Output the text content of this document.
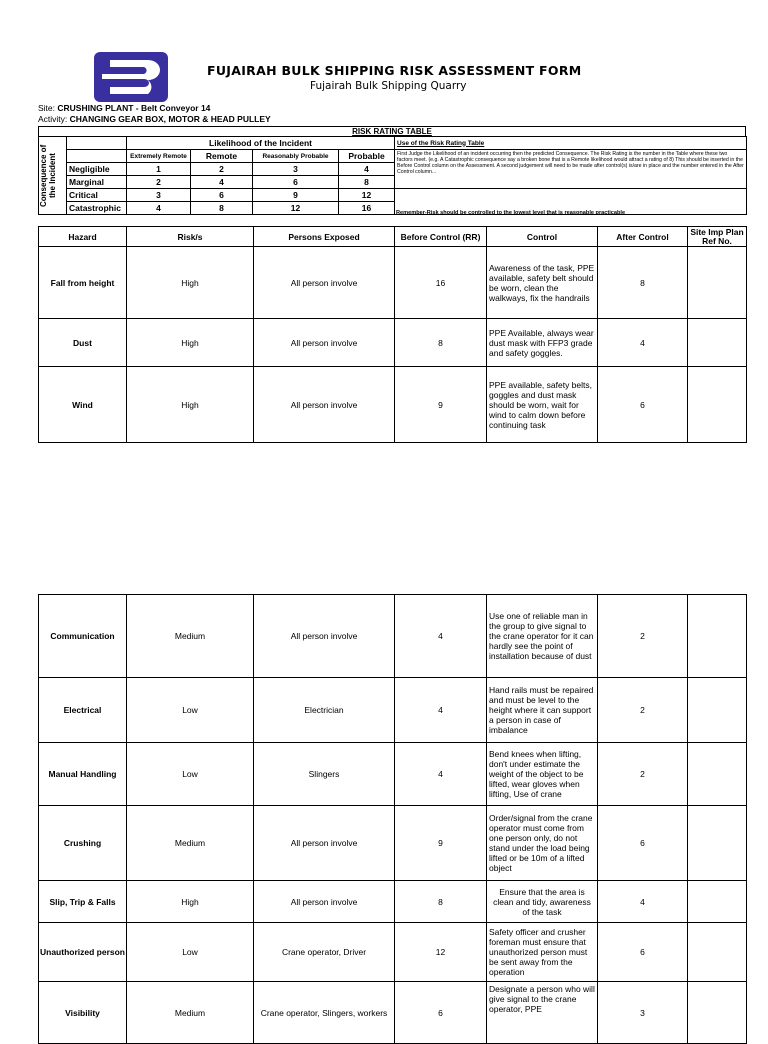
FUJAIRAH BULK SHIPPING RISK ASSESSMENT FORM
Fujairah Bulk Shipping Quarry
Site: CRUSHING PLANT - Belt Conveyor 14
Activity: CHANGING GEAR BOX, MOTOR & HEAD PULLEY
RISK RATING TABLE
Consequence of the Incident		Likelihood of the Incident				Use of the Risk Rating Table
		Extremely Remote	Remote	Reasonably Probable	Probable	First Judge the Likelihood of an incident occurring then the predicted Consequence. The Risk Rating is the number in the Table where these two factors meet. (e.g. A Catastrophic consequence say a broken bone that is a Remote likelihood would attract a rating of 8) This should be inserted in the Before Control column on the Assessment. A second judgement will need to be made after control(s) is/are in place and the number entered in the After Control column...
	Negligible	1	2	3	4	
	Marginal	2	4	6	8	
	Critical	3	6	9	12	
	Catastrophic	4	8	12	16		Remember-Risk should be controlled to the lowest level that is reasonable practicable
Hazard	Risk/s	Persons Exposed	Before Control (RR)	Control	After Control	Site Imp Plan Ref No.
Fall from height	High	All person involve	16	Awareness of the task, PPE available, safety belt should be worn, clean the walkways, fix the handrails	8	
Dust	High	All person involve	8	PPE Available, always wear dust mask with FFP3 grade and safety goggles.	4	
Wind	High	All person involve	9	PPE available, safety belts, goggles and dust mask should be worn, wait for wind to calm down before continuing task	6	
Communication	Medium	All person involve	4	Use one of reliable man in the group to give signal to the crane operator for it can hardly see the point of installation because of dust	2	
Electrical	Low	Electrician	4	Hand rails must be repaired and must be level to the height where it can support a person in case of imbalance	2	
Manual Handling	Low	Slingers	4	Bend knees when lifting, don't under estimate the weight of the object to be lifted, wear gloves when lifting, Use of crane	2	
Crushing	Medium	All person involve	9	Order/signal from the crane operator must come from one person only, do not stand under the load being lifted or be 10m of a lifted object	6	
Slip, Trip & Falls	High	All person involve	8	Ensure that the area is clean and tidy, awareness of the task	4	
Unauthorized person	Low	Crane operator, Driver	12	Safety officer and crusher foreman must ensure that unauthorized person must be sent away from the operation	6	
Visibility	Medium	Crane operator, Slingers, workers	6	Designate a person who will give signal to the crane operator, PPE	3	
